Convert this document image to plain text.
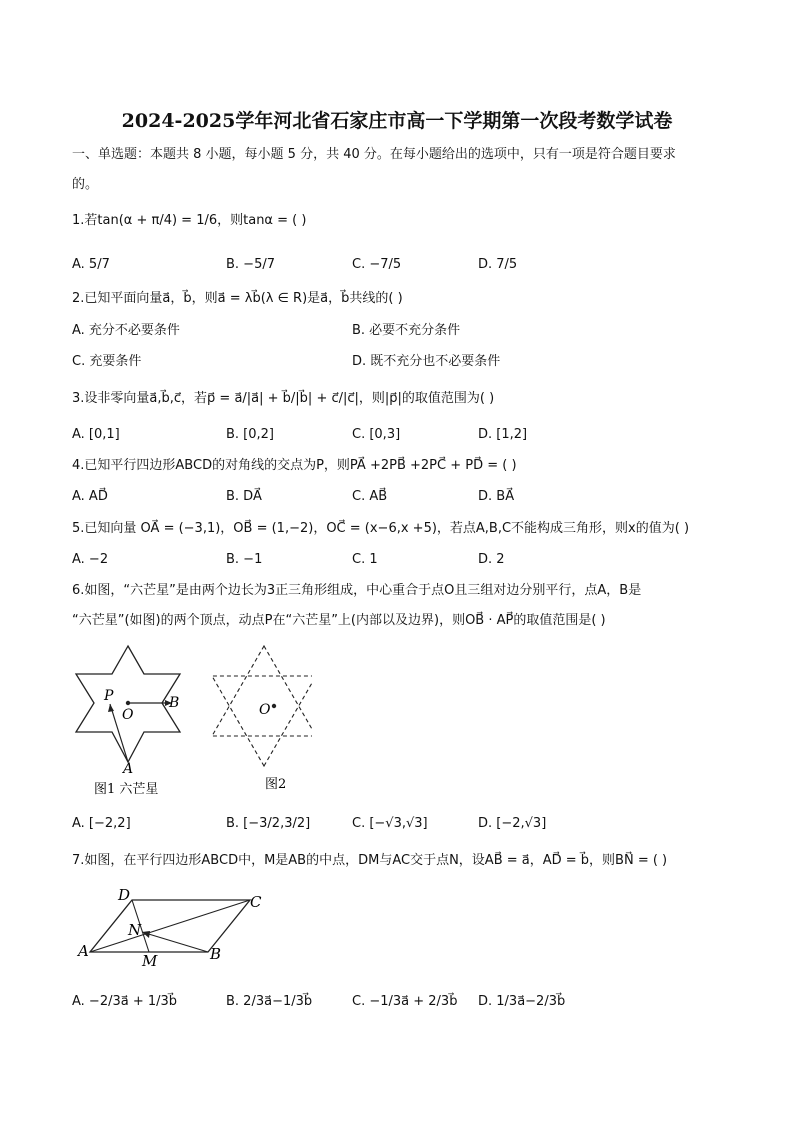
2024-2025学年河北省石家庄市高一下学期第一次段考数学试卷
一、单选题：本题共 8 小题，每小题 5 分，共 40 分。在每小题给出的选项中，只有一项是符合题目要求
的。
1.若tan(α + π/4) = 1/6，则tanα = ( )
A. 5/7	B. −5/7	C. −7/5	D. 7/5
2.已知平面向量a⃗，b⃗，则a⃗ = λb⃗(λ ∈ R)是a⃗，b⃗共线的( )
A. 充分不必要条件	B. 必要不充分条件
C. 充要条件	D. 既不充分也不必要条件
3.设非零向量a⃗,b⃗,c⃗，若p⃗ = a⃗/|a⃗| + b⃗/|b⃗| + c⃗/|c⃗|，则|p⃗|的取值范围为( )
A. [0,1]	B. [0,2]	C. [0,3]	D. [1,2]
4.已知平行四边形ABCD的对角线的交点为P，则PA⃗ +2PB⃗ +2PC⃗ + PD⃗ = ( )
A. AD⃗	B. DA⃗	C. AB⃗	D. BA⃗
5.已知向量 OA⃗ = (−3,1)，OB⃗ = (1,−2)，OC⃗ = (x−6,x +5)，若点A,B,C不能构成三角形，则x的值为( )
A. −2	B. −1	C. 1	D. 2
6.如图，“六芒星”是由两个边长为3正三角形组成，中心重合于点O且三组对边分别平行，点A，B是
“六芒星”(如图)的两个顶点，动点P在“六芒星”上(内部以及边界)，则OB⃗ · AP⃗的取值范围是( )
P
O
B
A
图1 六芒星
O
图2
A. [−2,2]	B. [−3/2,3/2]	C. [−√3,√3]	D. [−2,√3]
7.如图，在平行四边形ABCD中，M是AB的中点，DM与AC交于点N，设AB⃗ = a⃗，AD⃗ = b⃗，则BN⃗ = ( )
D	C
N
A
M	B
A. −2/3a⃗ + 1/3b⃗	B. 2/3a⃗−1/3b⃗	C. −1/3a⃗ + 2/3b⃗ D. 1/3a⃗−2/3b⃗
